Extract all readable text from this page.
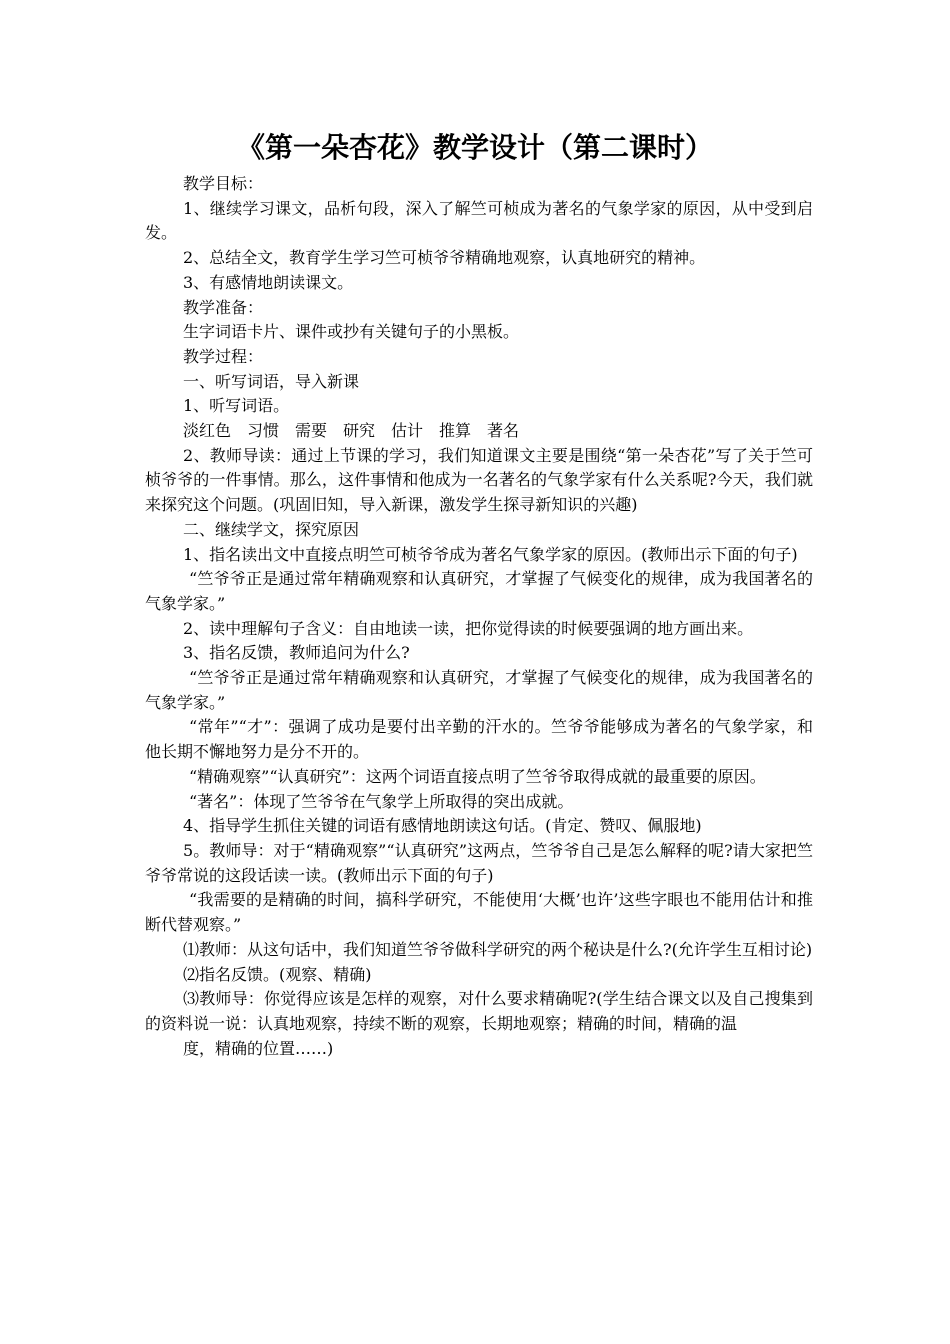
《第一朵杏花》教学设计（第二课时）

教学目标：

1、继续学习课文，品析句段，深入了解竺可桢成为著名的气象学家的原因，从中受到启发。

2、总结全文，教育学生学习竺可桢爷爷精确地观察，认真地研究的精神。

3、有感情地朗读课文。

教学准备：

生字词语卡片、课件或抄有关键句子的小黑板。

教学过程：

一、听写词语，导入新课

1、听写词语。

淡红色　习惯　需要　研究　估计　推算　著名

2、教师导读：通过上节课的学习，我们知道课文主要是围绕“第一朵杏花”写了关于竺可桢爷爷的一件事情。那么，这件事情和他成为一名著名的气象学家有什么关系呢?今天，我们就来探究这个问题。(巩固旧知，导入新课，激发学生探寻新知识的兴趣)

二、继续学文，探究原因

1、指名读出文中直接点明竺可桢爷爷成为著名气象学家的原因。(教师出示下面的句子)

“竺爷爷正是通过常年精确观察和认真研究，才掌握了气候变化的规律，成为我国著名的气象学家。”

2、读中理解句子含义：自由地读一读，把你觉得读的时候要强调的地方画出来。

3、指名反馈，教师追问为什么?

“竺爷爷正是通过常年精确观察和认真研究，才掌握了气候变化的规律，成为我国著名的气象学家。”

“常年”“才”：强调了成功是要付出辛勤的汗水的。竺爷爷能够成为著名的气象学家，和他长期不懈地努力是分不开的。

“精确观察”“认真研究”：这两个词语直接点明了竺爷爷取得成就的最重要的原因。

“著名”：体现了竺爷爷在气象学上所取得的突出成就。

4、指导学生抓住关键的词语有感情地朗读这句话。(肯定、赞叹、佩服地)

5。教师导：对于“精确观察”“认真研究”这两点，竺爷爷自己是怎么解释的呢?请大家把竺爷爷常说的这段话读一读。(教师出示下面的句子)

“我需要的是精确的时间，搞科学研究，不能使用‘大概’也许’这些字眼也不能用估计和推断代替观察。”

⑴教师：从这句话中，我们知道竺爷爷做科学研究的两个秘诀是什么?(允许学生互相讨论)

⑵指名反馈。(观察、精确)

⑶教师导：你觉得应该是怎样的观察，对什么要求精确呢?(学生结合课文以及自己搜集到的资料说一说：认真地观察，持续不断的观察，长期地观察；精确的时间，精确的温

度，精确的位置……)
